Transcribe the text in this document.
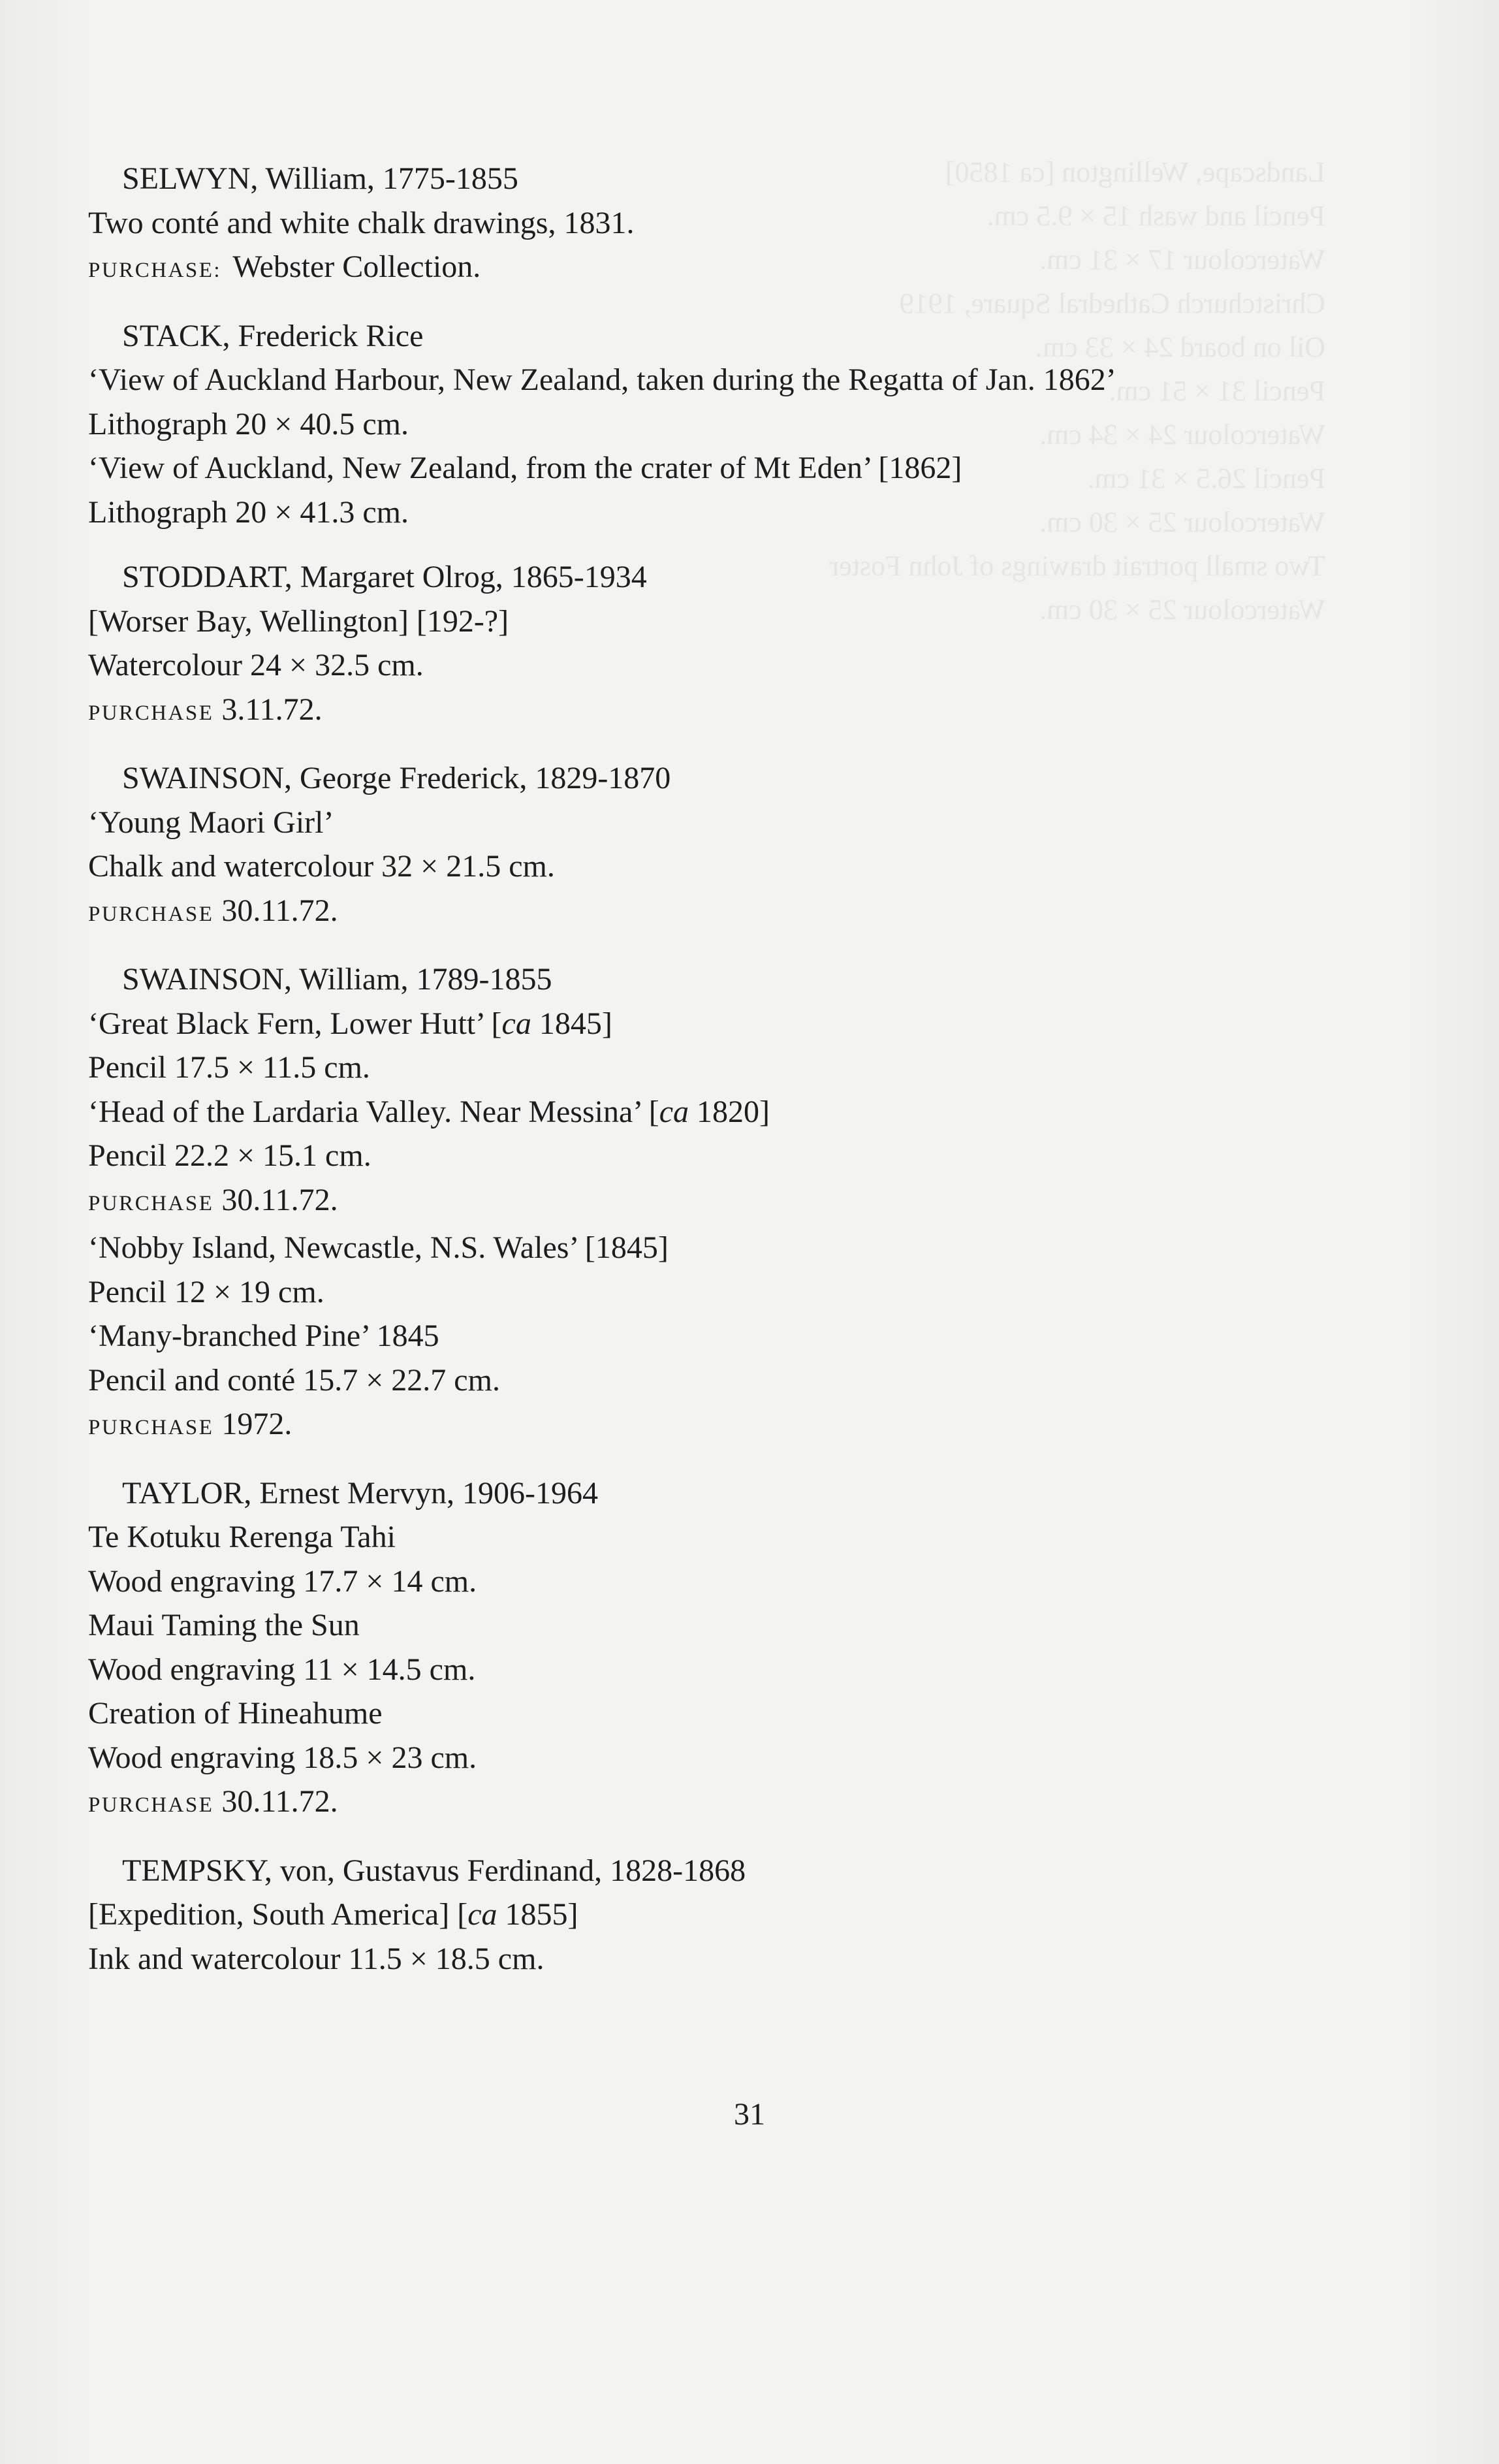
Landscape, Wellington [ca 1850]
Pencil and wash 15 × 9.5 cm.
Watercolour 17 × 31 cm.
Christchurch Cathedral Square, 1919
Oil on board 24 × 33 cm.
Pencil 31 × 51 cm.
Watercolour 24 × 34 cm.
Pencil 26.5 × 31 cm.
Watercolour 25 × 30 cm.
Two small portrait drawings of John Foster
Watercolour 25 × 30 cm.
SELWYN, William, 1775-1855
Two conté and white chalk drawings, 1831.
PURCHASE: Webster Collection.
STACK, Frederick Rice
‘View of Auckland Harbour, New Zealand, taken during the Regatta of Jan. 1862’
Lithograph 20 × 40.5 cm.
‘View of Auckland, New Zealand, from the crater of Mt Eden’ [1862]
Lithograph 20 × 41.3 cm.
STODDART, Margaret Olrog, 1865-1934
[Worser Bay, Wellington] [192-?]
Watercolour 24 × 32.5 cm.
PURCHASE 3.11.72.
SWAINSON, George Frederick, 1829-1870
‘Young Maori Girl’
Chalk and watercolour 32 × 21.5 cm.
PURCHASE 30.11.72.
SWAINSON, William, 1789-1855
‘Great Black Fern, Lower Hutt’ [ca 1845]
Pencil 17.5 × 11.5 cm.
‘Head of the Lardaria Valley. Near Messina’ [ca 1820]
Pencil 22.2 × 15.1 cm.
PURCHASE 30.11.72.
‘Nobby Island, Newcastle, N.S. Wales’ [1845]
Pencil 12 × 19 cm.
‘Many-branched Pine’ 1845
Pencil and conté 15.7 × 22.7 cm.
PURCHASE 1972.
TAYLOR, Ernest Mervyn, 1906-1964
Te Kotuku Rerenga Tahi
Wood engraving 17.7 × 14 cm.
Maui Taming the Sun
Wood engraving 11 × 14.5 cm.
Creation of Hineahume
Wood engraving 18.5 × 23 cm.
PURCHASE 30.11.72.
TEMPSKY, von, Gustavus Ferdinand, 1828-1868
[Expedition, South America] [ca 1855]
Ink and watercolour 11.5 × 18.5 cm.
31
